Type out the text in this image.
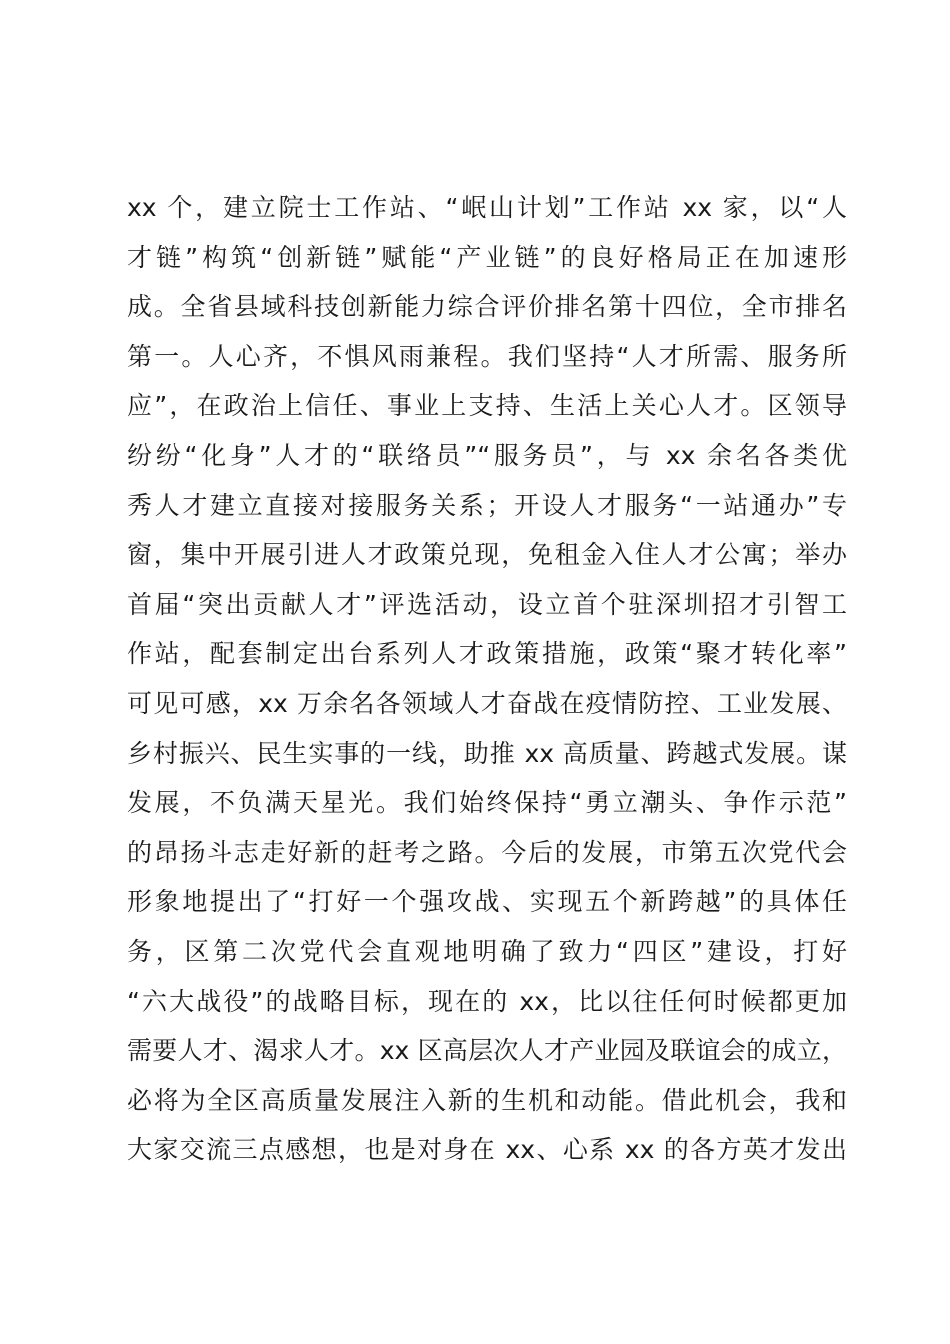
xx 个，建立院士工作站、“岷山计划”工作站 xx 家，以“人
才链”构筑“创新链”赋能“产业链”的良好格局正在加速形
成。全省县域科技创新能力综合评价排名第十四位，全市排名
第一。人心齐，不惧风雨兼程。我们坚持“人才所需、服务所
应”，在政治上信任、事业上支持、生活上关心人才。区领导
纷纷“化身”人才的“联络员”“服务员”，与 xx 余名各类优
秀人才建立直接对接服务关系；开设人才服务“一站通办”专
窗，集中开展引进人才政策兑现，免租金入住人才公寓；举办
首届“突出贡献人才”评选活动，设立首个驻深圳招才引智工
作站，配套制定出台系列人才政策措施，政策“聚才转化率”
可见可感，xx 万余名各领域人才奋战在疫情防控、工业发展、
乡村振兴、民生实事的一线，助推 xx 高质量、跨越式发展。谋
发展，不负满天星光。我们始终保持“勇立潮头、争作示范”
的昂扬斗志走好新的赶考之路。今后的发展，市第五次党代会
形象地提出了“打好一个强攻战、实现五个新跨越”的具体任
务，区第二次党代会直观地明确了致力“四区”建设，打好
“六大战役”的战略目标，现在的 xx，比以往任何时候都更加
需要人才、渴求人才。xx 区高层次人才产业园及联谊会的成立，
必将为全区高质量发展注入新的生机和动能。借此机会，我和
大家交流三点感想，也是对身在 xx、心系 xx 的各方英才发出
